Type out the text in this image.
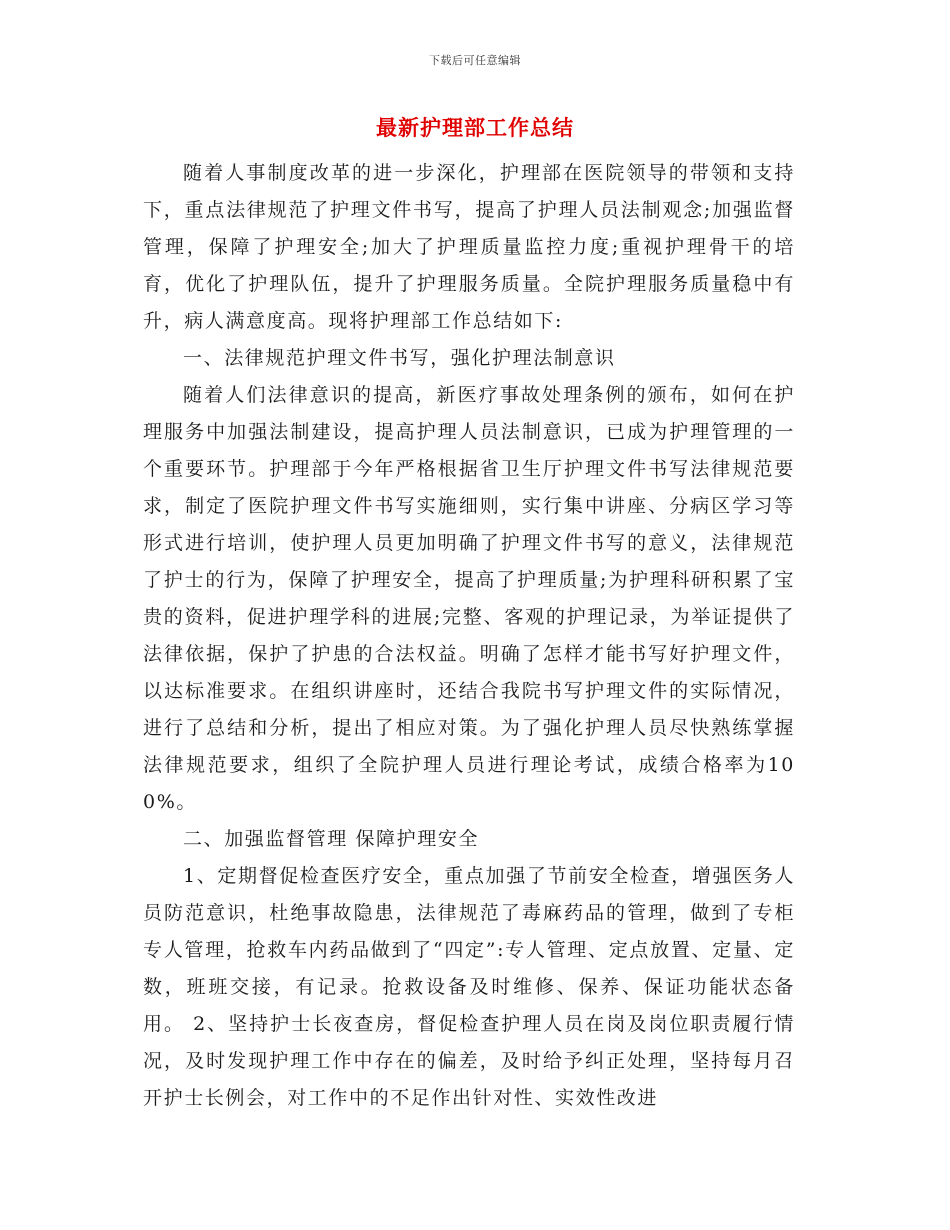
下载后可任意编辑
最新护理部工作总结

随着人事制度改革的进一步深化，护理部在医院领导的带领和支持下，重点法律规范了护理文件书写，提高了护理人员法制观念;加强监督管理，保障了护理安全;加大了护理质量监控力度;重视护理骨干的培育，优化了护理队伍，提升了护理服务质量。全院护理服务质量稳中有升，病人满意度高。现将护理部工作总结如下:

一、法律规范护理文件书写，强化护理法制意识

随着人们法律意识的提高，新医疗事故处理条例的颁布，如何在护理服务中加强法制建设，提高护理人员法制意识，已成为护理管理的一个重要环节。护理部于今年严格根据省卫生厅护理文件书写法律规范要求，制定了医院护理文件书写实施细则，实行集中讲座、分病区学习等形式进行培训，使护理人员更加明确了护理文件书写的意义，法律规范了护士的行为，保障了护理安全，提高了护理质量;为护理科研积累了宝贵的资料，促进护理学科的进展;完整、客观的护理记录，为举证提供了法律依据，保护了护患的合法权益。明确了怎样才能书写好护理文件，以达标准要求。在组织讲座时，还结合我院书写护理文件的实际情况，进行了总结和分析，提出了相应对策。为了强化护理人员尽快熟练掌握法律规范要求，组织了全院护理人员进行理论考试，成绩合格率为100%。

二、加强监督管理 保障护理安全

1、定期督促检查医疗安全，重点加强了节前安全检查，增强医务人员防范意识，杜绝事故隐患，法律规范了毒麻药品的管理，做到了专柜专人管理，抢救车内药品做到了“四定”:专人管理、定点放置、定量、定数，班班交接，有记录。抢救设备及时维修、保养、保证功能状态备用。 2、坚持护士长夜查房，督促检查护理人员在岗及岗位职责履行情况，及时发现护理工作中存在的偏差，及时给予纠正处理，坚持每月召开护士长例会，对工作中的不足作出针对性、实效性改进
